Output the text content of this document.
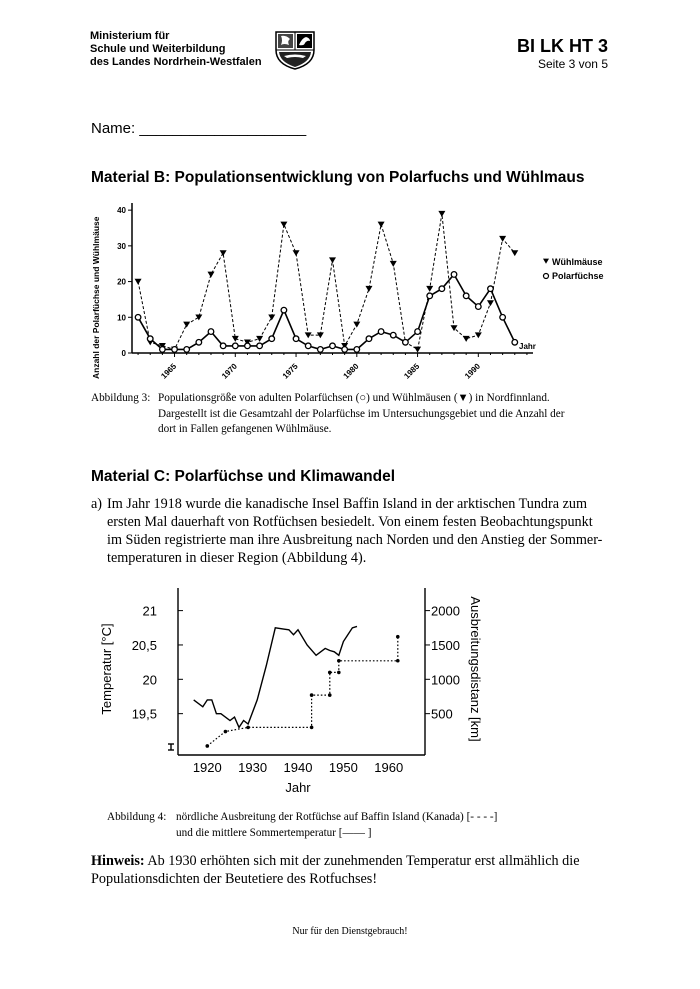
Ministerium für
Schule und Weiterbildung
des Landes Nordrhein-Westfalen
BI LK HT 3
Seite 3 von 5
Name: ____________________
Material B: Populationsentwicklung von Polarfuchs und Wühlmaus
0
10
20
30
40
1965	1970	1975	1980	1985	1990
Jahr
Anzahl der Polarfüchse und Wühlmäuse	Wühlmäuse
Polarfüchse
Abbildung 3: Populationsgröße von adulten Polarfüchsen (○) und Wühlmäusen (▼) in Nordfinnland.
Dargestellt ist die Gesamtzahl der Polarfüchse im Untersuchungsgebiet und die Anzahl der
dort in Fallen gefangenen Wühlmäuse.
Material C: Polarfüchse und Klimawandel
a) Im Jahr 1918 wurde die kanadische Insel Baffin Island in der arktischen Tundra zum
ersten Mal dauerhaft von Rotfüchsen besiedelt. Von einem festen Beobachtungspunkt
im Süden registrierte man ihre Ausbreitung nach Norden und den Anstieg der Sommer-
temperaturen in dieser Region (Abbildung 4).
19,5
20
20,5
21
500
1000
1500
2000
1920 1930 1940 1950 1960
Jahr
Temperatur [°C]	Ausbreitungsdistanz [km]
Abbildung 4: nördliche Ausbreitung der Rotfüchse auf Baffin Island (Kanada) [- - - -]
und die mittlere Sommertemperatur [—— ]
Hinweis: Ab 1930 erhöhten sich mit der zunehmenden Temperatur erst allmählich die
Populationsdichten der Beutetiere des Rotfuchses!
Nur für den Dienstgebrauch!
